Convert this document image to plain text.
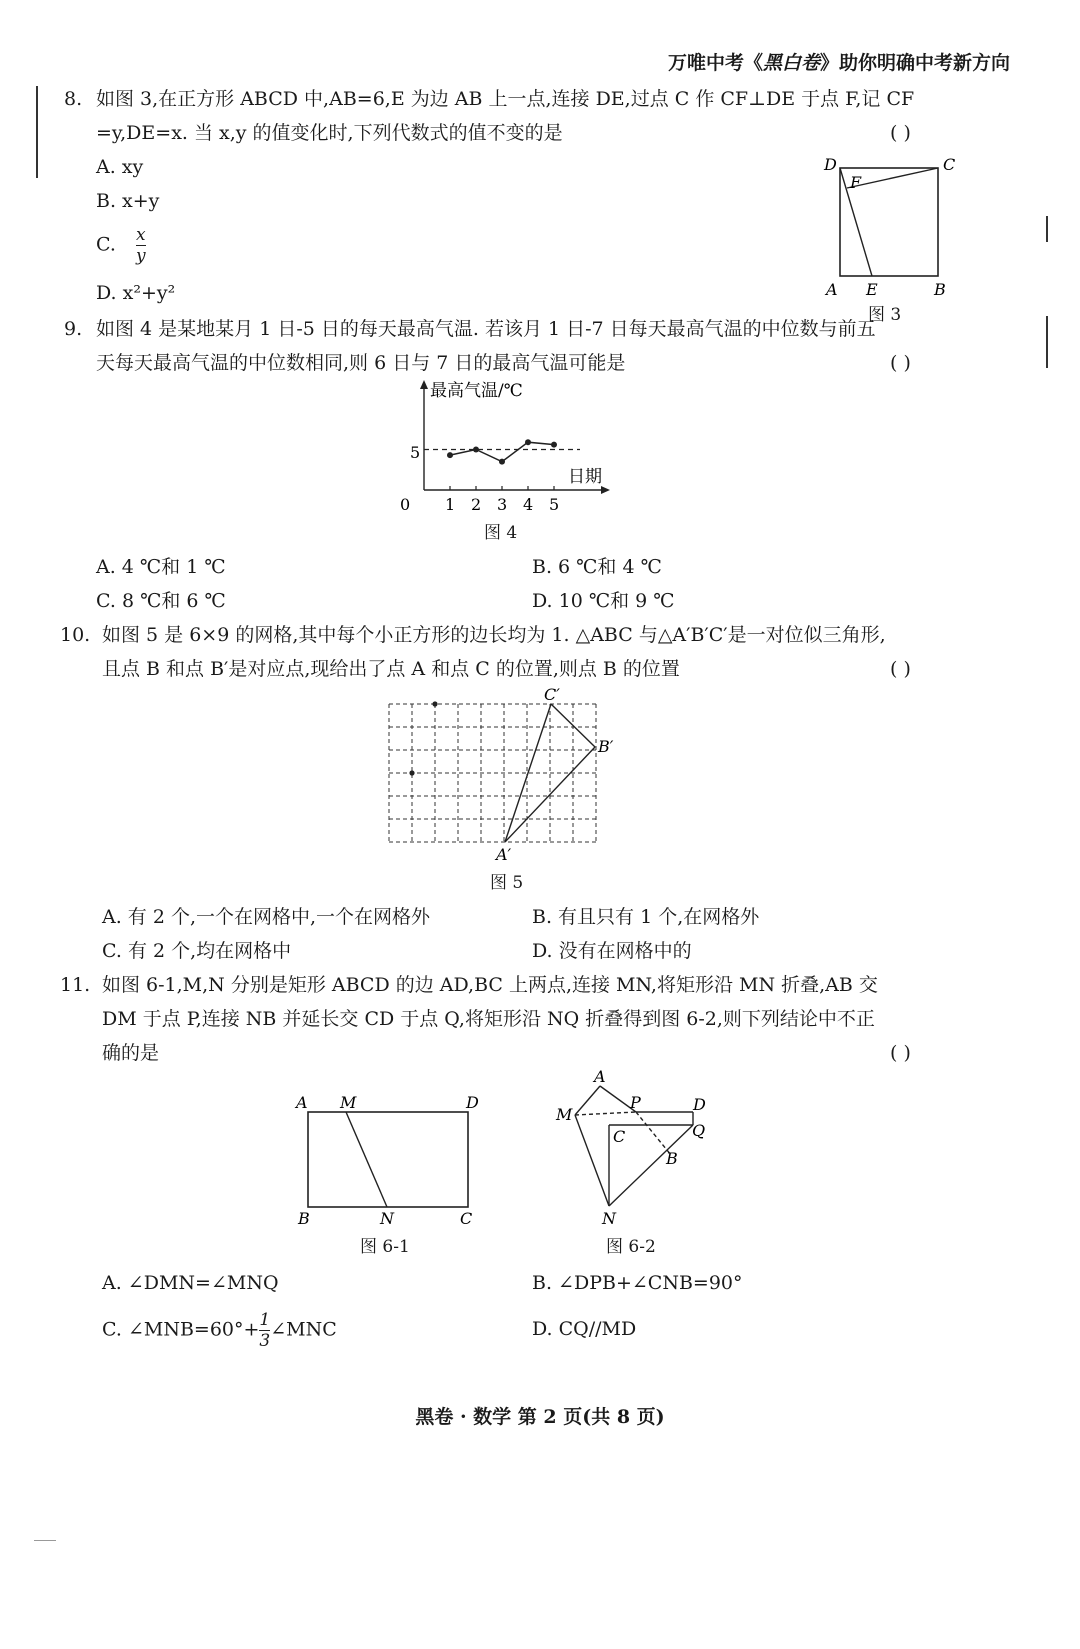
万唯中考《黑白卷》助你明确中考新方向
8. 如图 3,在正方形 ABCD 中,AB=6,E 为边 AB 上一点,连接 DE,过点 C 作 CF⊥DE 于点 F,记 CF
=y,DE=x. 当 x,y 的值变化时,下列代数式的值不变的是	( )
A. xy
B. x+y
C. $\frac{x}{y}$
D. x²+y²
D	C
F
A E	B
图 3
9. 如图 4 是某地某月 1 日-5 日的每天最高气温. 若该月 1 日-7 日每天最高气温的中位数与前五
天每天最高气温的中位数相同,则 6 日与 7 日的最高气温可能是	( )
最高气温/℃
日期
0
5
1 2 3 4 5
图 4
A. 4 ℃和 1 ℃	B. 6 ℃和 4 ℃
C. 8 ℃和 6 ℃	D. 10 ℃和 9 ℃
10. 如图 5 是 6×9 的网格,其中每个小正方形的边长均为 1. △ABC 与△A′B′C′是一对位似三角形,
且点 B 和点 B′是对应点,现给出了点 A 和点 C 的位置,则点 B 的位置	( )
C′
B′
A′
图 5
A. 有 2 个,一个在网格中,一个在网格外	B. 有且只有 1 个,在网格外
C. 有 2 个,均在网格中	D. 没有在网格中的
11. 如图 6-1,M,N 分别是矩形 ABCD 的边 AD,BC 上两点,连接 MN,将矩形沿 MN 折叠,AB 交
DM 于点 P,连接 NB 并延长交 CD 于点 Q,将矩形沿 NQ 折叠得到图 6-2,则下列结论中不正
确的是	( )
A M	D
B	N	C
图 6-1
A
M
P	D
C	Q
B
N
图 6-2
A. ∠DMN=∠MNQ	B. ∠DPB+∠CNB=90°
C. ∠MNB=60°+ $\frac{1}{3}$ ∠MNC	D. CQ//MD
黑卷 · 数学 第 2 页(共 8 页)
